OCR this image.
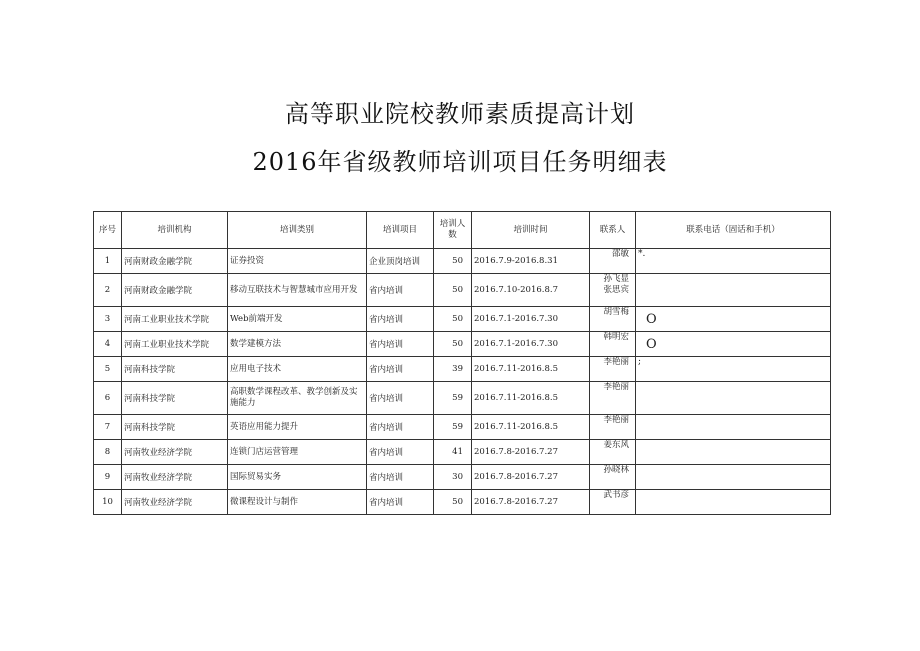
高等职业院校教师素质提高计划
2016年省级教师培训项目任务明细表
序号	培训机构	培训类别	培训项目	培训人数	培训时间	联系人	联系电话（固话和手机）
1	河南财政金融学院	证券投资	企业顶岗培训	50	2016.7.9-2016.8.31	邵敏	*.
2	河南财政金融学院	移动互联技术与智慧城市应用开发	省内培训	50	2016.7.10-2016.8.7	孙飞显
张思宾	
3	河南工业职业技术学院	Web前端开发	省内培训	50	2016.7.1-2016.7.30	胡雪梅	O
4	河南工业职业技术学院	数学建模方法	省内培训	50	2016.7.1-2016.7.30	韩明宏	O
5	河南科技学院	应用电子技术	省内培训	39	2016.7.11-2016.8.5	李艳丽	;
6	河南科技学院	高职数学课程改革、教学创新及实施能力	省内培训	59	2016.7.11-2016.8.5	李艳丽	
7	河南科技学院	英语应用能力提升	省内培训	59	2016.7.11-2016.8.5	李艳丽	
8	河南牧业经济学院	连锁门店运营管理	省内培训	41	2016.7.8-2016.7.27	姜东风	
9	河南牧业经济学院	国际贸易实务	省内培训	30	2016.7.8-2016.7.27	孙晓林	
10	河南牧业经济学院	微课程设计与制作	省内培训	50	2016.7.8-2016.7.27	武书彦	
